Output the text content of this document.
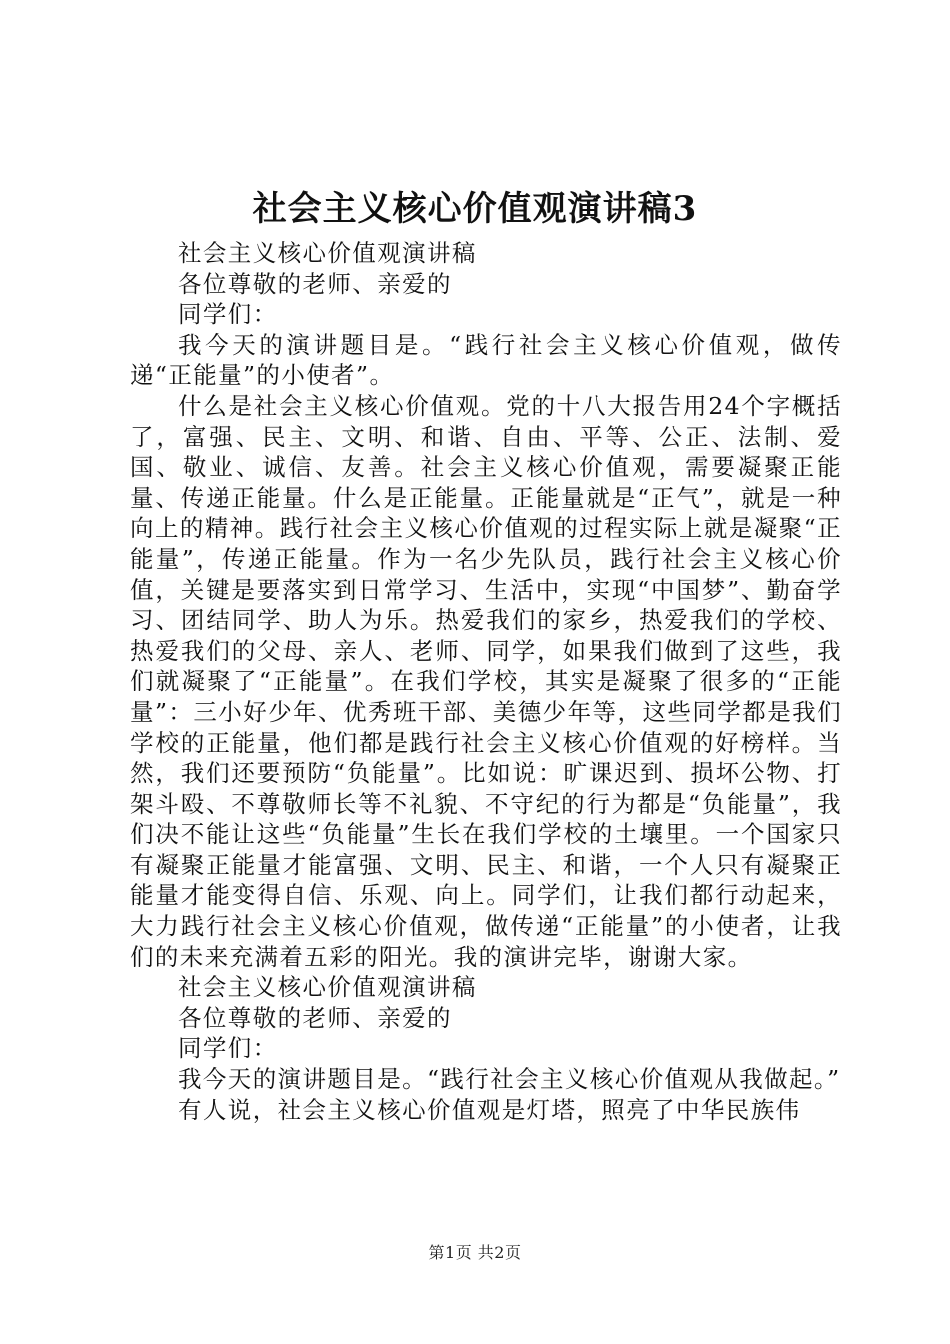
社会主义核心价值观演讲稿3

社会主义核心价值观演讲稿

各位尊敬的老师、亲爱的

同学们：

我今天的演讲题目是。“践行社会主义核心价值观，做传递“正能量”的小使者”。

什么是社会主义核心价值观。党的十八大报告用24个字概括了，富强、民主、文明、和谐、自由、平等、公正、法制、爱国、敬业、诚信、友善。社会主义核心价值观，需要凝聚正能量、传递正能量。什么是正能量。正能量就是“正气”，就是一种向上的精神。践行社会主义核心价值观的过程实际上就是凝聚“正能量”，传递正能量。作为一名少先队员，践行社会主义核心价值，关键是要落实到日常学习、生活中，实现“中国梦”、勤奋学习、团结同学、助人为乐。热爱我们的家乡，热爱我们的学校、热爱我们的父母、亲人、老师、同学，如果我们做到了这些，我们就凝聚了“正能量”。在我们学校，其实是凝聚了很多的“正能量”：三小好少年、优秀班干部、美德少年等，这些同学都是我们学校的正能量，他们都是践行社会主义核心价值观的好榜样。当然，我们还要预防“负能量”。比如说：旷课迟到、损坏公物、打架斗殴、不尊敬师长等不礼貌、不守纪的行为都是“负能量”，我们决不能让这些“负能量”生长在我们学校的土壤里。一个国家只有凝聚正能量才能富强、文明、民主、和谐，一个人只有凝聚正能量才能变得自信、乐观、向上。同学们，让我们都行动起来，大力践行社会主义核心价值观，做传递“正能量”的小使者，让我们的未来充满着五彩的阳光。我的演讲完毕，谢谢大家。

社会主义核心价值观演讲稿

各位尊敬的老师、亲爱的

同学们：

我今天的演讲题目是。“践行社会主义核心价值观从我做起。”

有人说，社会主义核心价值观是灯塔，照亮了中华民族伟

第1页 共2页
